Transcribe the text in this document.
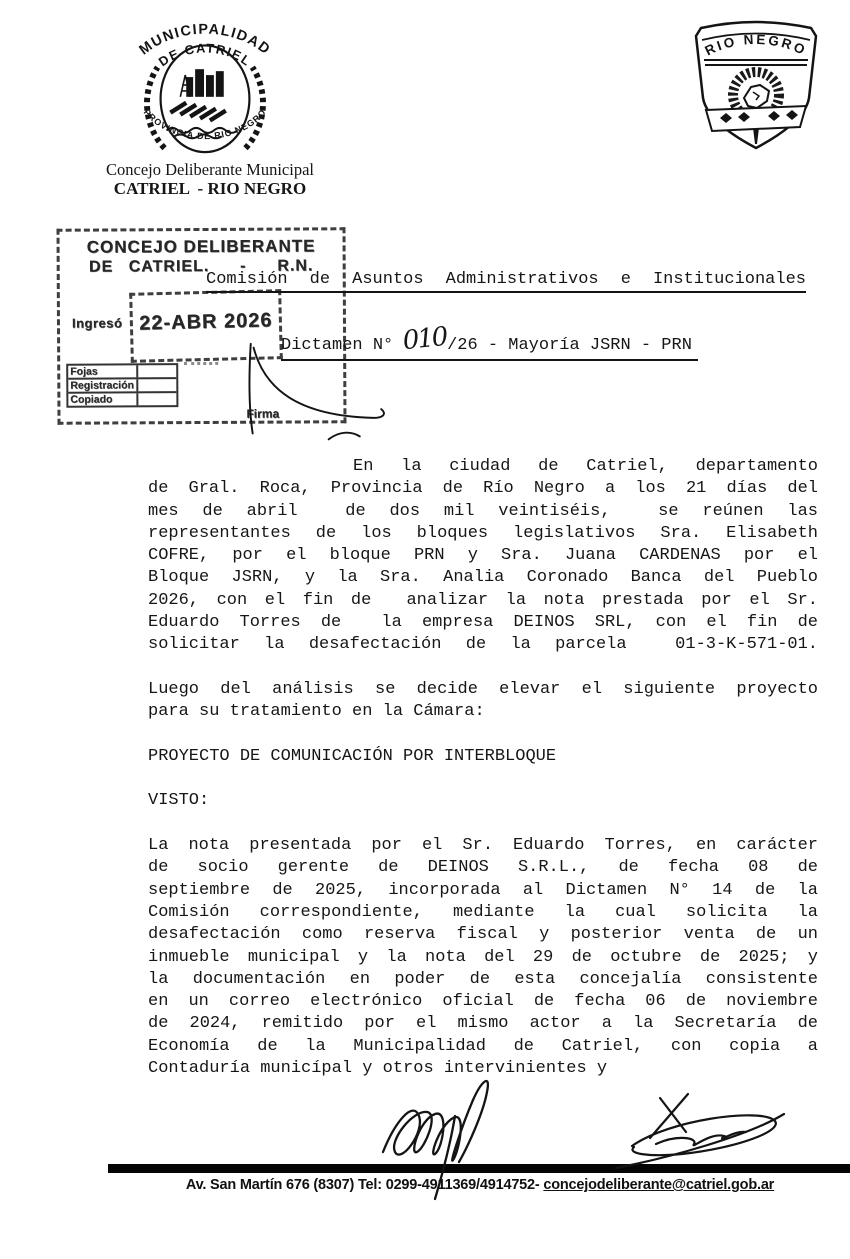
MUNICIPALIDAD
DE CATRIEL
PROVINCIA DE RIO NEGRO
Concejo Deliberante Municipal
CATRIEL  - RIO NEGRO
RIO NEGRO
CONCEJO DELIBERANTE
DE CATRIEL.  -  R.N.
Ingresó 22-ABR 2026
Fojas
Registración
Copiado
Firma
Comisión de Asuntos Administrativos e Institucionales
Dictamen N° 010/26 - Mayoría JSRN - PRN
En la ciudad de Catriel, departamento
de Gral. Roca, Provincia de Río Negro a los 21 días del
mes de abril  de dos mil veintiséis,  se reúnen las
representantes de los bloques legislativos Sra. Elisabeth
COFRE, por el bloque PRN y Sra. Juana CARDENAS por el
Bloque JSRN, y la Sra. Analia Coronado Banca del Pueblo
2026, con el fin de  analizar la nota prestada por el Sr.
Eduardo Torres de  la empresa DEINOS SRL, con el fin de
solicitar la desafectación de la parcela  01-3-K-571-01.
Luego del análisis se decide elevar el siguiente proyecto
para su tratamiento en la Cámara:
PROYECTO DE COMUNICACIÓN POR INTERBLOQUE
VISTO:
La nota presentada por el Sr. Eduardo Torres, en carácter
de socio gerente de DEINOS S.R.L., de fecha 08 de
septiembre de 2025, incorporada al Dictamen N° 14 de la
Comisión correspondiente, mediante la cual solicita la
desafectación como reserva fiscal y posterior venta de un
inmueble municipal y la nota del 29 de octubre de 2025; y
la documentación en poder de esta concejalía consistente
en un correo electrónico oficial de fecha 06 de noviembre
de 2024, remitido por el mismo actor a la Secretaría de
Economía de la Municipalidad de Catriel, con copia a
Contaduría municípal y otros intervinientes y
Av. San Martín 676 (8307) Tel: 0299-4911369/4914752- concejodeliberante@catriel.gob.ar
